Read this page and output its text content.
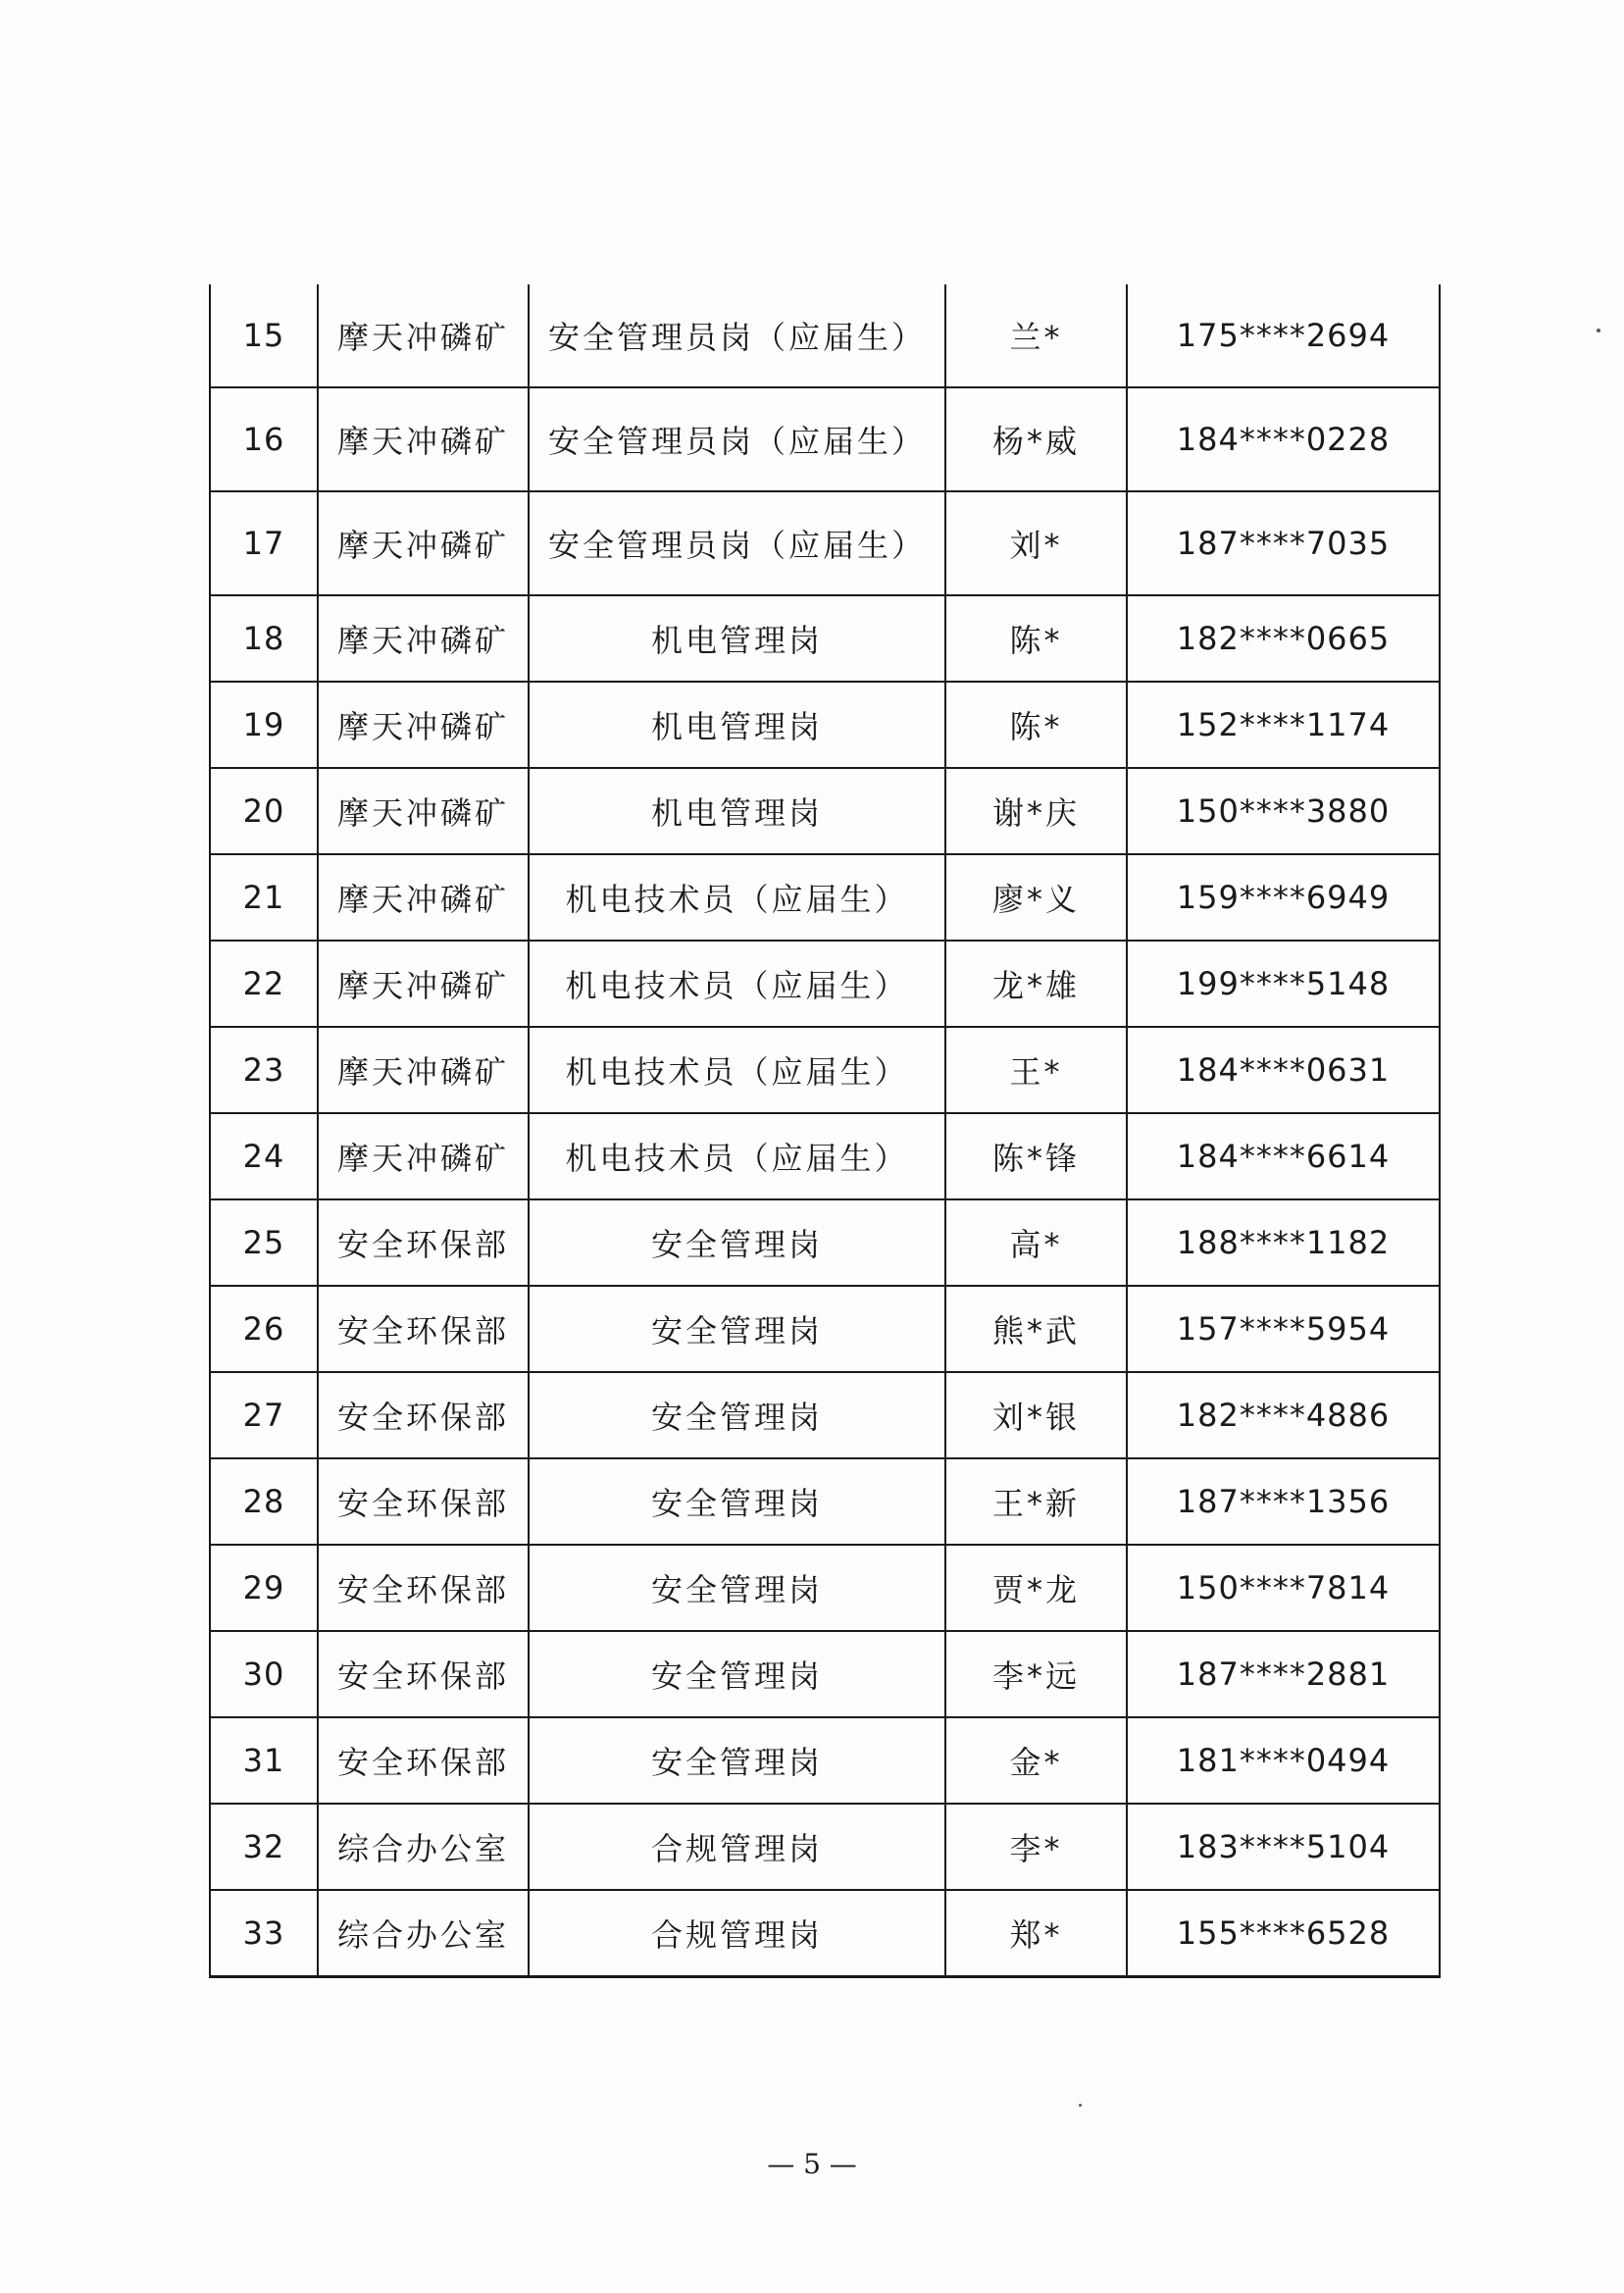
15	摩天冲磷矿	安全管理员岗（应届生）	兰*	175****2694
16	摩天冲磷矿	安全管理员岗（应届生）	杨*威	184****0228
17	摩天冲磷矿	安全管理员岗（应届生）	刘*	187****7035
18	摩天冲磷矿	机电管理岗	陈*	182****0665
19	摩天冲磷矿	机电管理岗	陈*	152****1174
20	摩天冲磷矿	机电管理岗	谢*庆	150****3880
21	摩天冲磷矿	机电技术员（应届生）	廖*义	159****6949
22	摩天冲磷矿	机电技术员（应届生）	龙*雄	199****5148
23	摩天冲磷矿	机电技术员（应届生）	王*	184****0631
24	摩天冲磷矿	机电技术员（应届生）	陈*锋	184****6614
25	安全环保部	安全管理岗	高*	188****1182
26	安全环保部	安全管理岗	熊*武	157****5954
27	安全环保部	安全管理岗	刘*银	182****4886
28	安全环保部	安全管理岗	王*新	187****1356
29	安全环保部	安全管理岗	贾*龙	150****7814
30	安全环保部	安全管理岗	李*远	187****2881
31	安全环保部	安全管理岗	金*	181****0494
32	综合办公室	合规管理岗	李*	183****5104
33	综合办公室	合规管理岗	郑*	155****6528
— 5 —
